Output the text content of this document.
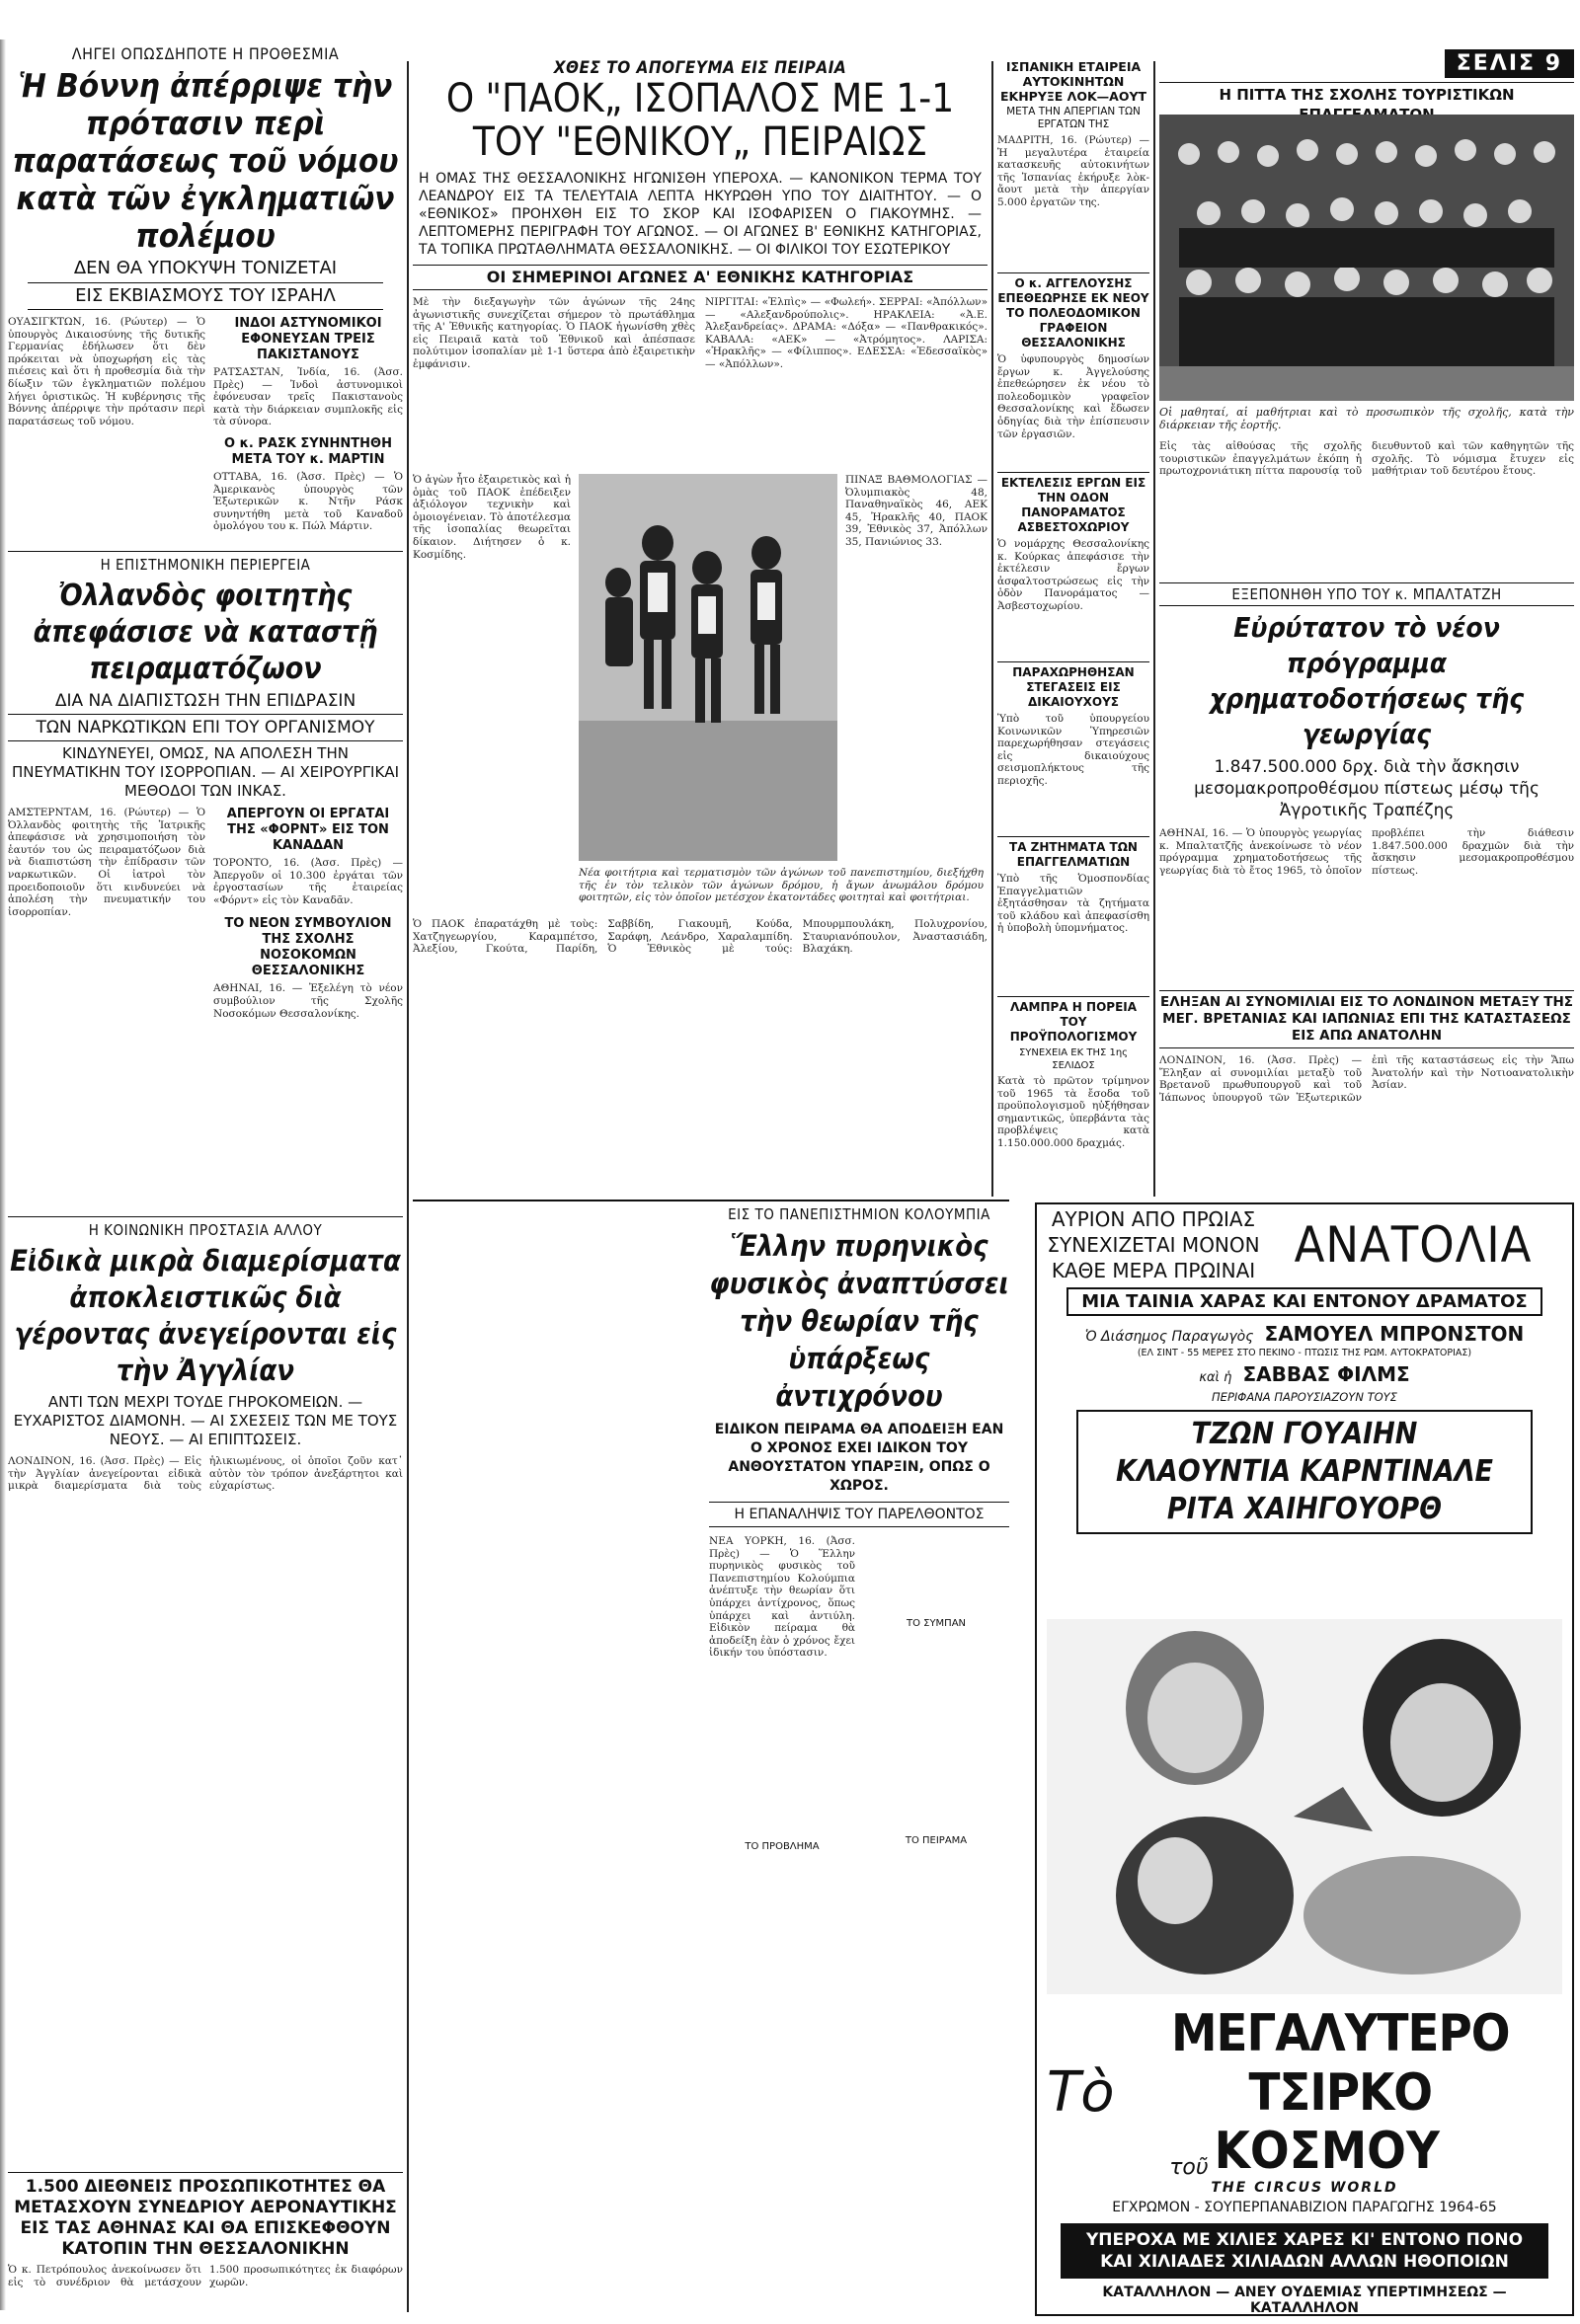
ΛΗΓΕΙ ΟΠΩΣΔΗΠΟΤΕ Η ΠΡΟΘΕΣΜΙΑ
Ἡ Βόννη ἀπέρριψε τὴν πρότασιν περὶ παρατάσεως τοῦ νόμου κατὰ τῶν ἐγκληματιῶν πολέμου
ΔΕΝ ΘΑ ΥΠΟΚΥΨΗ ΤΟΝΙΖΕΤΑΙ
ΕΙΣ ΕΚΒΙΑΣΜΟΥΣ ΤΟΥ ΙΣΡΑΗΛ
ΟΥΑΣΙΓΚΤΩΝ, 16. (Ρώυτερ) — Ὁ ὑπουργὸς Δικαιοσύνης τῆς δυτικῆς Γερμανίας ἐδήλωσεν ὅτι δὲν πρόκειται νὰ ὑποχωρήση εἰς τὰς πιέσεις καὶ ὅτι ἡ προθεσμία διὰ τὴν δίωξιν τῶν ἐγκληματιῶν πολέμου λήγει ὁριστικῶς. Ἡ κυβέρνησις τῆς Βόννης ἀπέρριψε τὴν πρότασιν περὶ παρατάσεως τοῦ νόμου.
ΙΝΔΟΙ ΑΣΤΥΝΟΜΙΚΟΙ ΕΦΟΝΕΥΣΑΝ ΤΡΕΙΣ ΠΑΚΙΣΤΑΝΟΥΣ
ΡΑΤΣΑΣΤΑΝ, Ἰνδία, 16. (Ἀσσ. Πρὲς) — Ἰνδοὶ ἀστυνομικοὶ ἐφόνευσαν τρεῖς Πακιστανοὺς κατὰ τὴν διάρκειαν συμπλοκῆς εἰς τὰ σύνορα.
Ο κ. ΡΑΣΚ ΣΥΝΗΝΤΗΘΗ ΜΕΤΑ ΤΟΥ κ. ΜΑΡΤΙΝ
ΟΤΤΑΒΑ, 16. (Ἀσσ. Πρὲς) — Ὁ Ἀμερικανὸς ὑπουργὸς τῶν Ἐξωτερικῶν κ. Ντῆν Ράσκ συνηντήθη μετὰ τοῦ Καναδοῦ ὁμολόγου του κ. Πώλ Μάρτιν.
Η ΕΠΙΣΤΗΜΟΝΙΚΗ ΠΕΡΙΕΡΓΕΙΑ
Ὀλλανδὸς φοιτητὴς ἀπεφάσισε νὰ καταστῇ πειραματόζωον
ΔΙΑ ΝΑ ΔΙΑΠΙΣΤΩΣΗ ΤΗΝ ΕΠΙΔΡΑΣΙΝ
ΤΩΝ ΝΑΡΚΩΤΙΚΩΝ ΕΠΙ ΤΟΥ ΟΡΓΑΝΙΣΜΟΥ
ΚΙΝΔΥΝΕΥΕΙ, ΟΜΩΣ, ΝΑ ΑΠΟΛΕΣΗ ΤΗΝ ΠΝΕΥΜΑΤΙΚΗΝ ΤΟΥ ΙΣΟΡΡΟΠΙΑΝ. — ΑΙ ΧΕΙΡΟΥΡΓΙΚΑΙ ΜΕΘΟΔΟΙ ΤΩΝ ΙΝΚΑΣ.
ΑΜΣΤΕΡΝΤΑΜ, 16. (Ρώυτερ) — Ὁ Ὀλλανδὸς φοιτητὴς τῆς Ἰατρικῆς ἀπεφάσισε νὰ χρησιμοποιήση τὸν ἑαυτόν του ὡς πειραματόζωον διὰ νὰ διαπιστώση τὴν ἐπίδρασιν τῶν ναρκωτικῶν. Οἱ ἰατροὶ τὸν προειδοποιοῦν ὅτι κινδυνεύει νὰ ἀπολέση τὴν πνευματικήν του ἰσορροπίαν.
ΑΠΕΡΓΟΥΝ ΟΙ ΕΡΓΑΤΑΙ ΤΗΣ «ΦΟΡΝΤ» ΕΙΣ ΤΟΝ ΚΑΝΑΔΑΝ
ΤΟΡΟΝΤΟ, 16. (Ἀσσ. Πρὲς) — Ἀπεργοῦν οἱ 10.300 ἐργάται τῶν ἐργοστασίων τῆς ἑταιρείας «Φόρντ» εἰς τὸν Καναδᾶν.
ΤΟ ΝΕΟΝ ΣΥΜΒΟΥΛΙΟΝ ΤΗΣ ΣΧΟΛΗΣ ΝΟΣΟΚΟΜΩΝ ΘΕΣΣΑΛΟΝΙΚΗΣ
ΑΘΗΝΑΙ, 16. — Ἐξελέγη τὸ νέον συμβούλιον τῆς Σχολῆς Νοσοκόμων Θεσσαλονίκης.
Η ΚΟΙΝΩΝΙΚΗ ΠΡΟΣΤΑΣΙΑ ΑΛΛΟΥ
Εἰδικὰ μικρὰ διαμερίσματα ἀποκλειστικῶς διὰ γέροντας ἀνεγείρονται εἰς τὴν Ἀγγλίαν
ΑΝΤΙ ΤΩΝ ΜΕΧΡΙ ΤΟΥΔΕ ΓΗΡΟΚΟΜΕΙΩΝ. — ΕΥΧΑΡΙΣΤΟΣ ΔΙΑΜΟΝΗ. — ΑΙ ΣΧΕΣΕΙΣ ΤΩΝ ΜΕ ΤΟΥΣ ΝΕΟΥΣ. — ΑΙ ΕΠΙΠΤΩΣΕΙΣ.
ΛΟΝΔΙΝΟΝ, 16. (Ἀσσ. Πρὲς) — Εἰς τὴν Ἀγγλίαν ἀνεγείρονται εἰδικὰ μικρὰ διαμερίσματα διὰ τοὺς ἡλικιωμένους, οἱ ὁποῖοι ζοῦν κατ᾽ αὐτὸν τὸν τρόπον ἀνεξάρτητοι καὶ εὐχαρίστως.
1.500 ΔΙΕΘΝΕΙΣ ΠΡΟΣΩΠΙΚΟΤΗΤΕΣ ΘΑ ΜΕΤΑΣΧΟΥΝ ΣΥΝΕΔΡΙΟΥ ΑΕΡΟΝΑΥΤΙΚΗΣ ΕΙΣ ΤΑΣ ΑΘΗΝΑΣ ΚΑΙ ΘΑ ΕΠΙΣΚΕΦΘΟΥΝ ΚΑΤΟΠΙΝ ΤΗΝ ΘΕΣΣΑΛΟΝΙΚΗΝ
Ὁ κ. Πετρόπουλος ἀνεκοίνωσεν ὅτι εἰς τὸ συνέδριον θὰ μετάσχουν 1.500 προσωπικότητες ἐκ διαφόρων χωρῶν.
ΧΘΕΣ ΤΟ ΑΠΟΓΕΥΜΑ ΕΙΣ ΠΕΙΡΑΙΑ
Ο "ΠΑΟΚ„ ΙΣΟΠΑΛΟΣ ΜΕ 1-1
ΤΟΥ "ΕΘΝΙΚΟΥ„ ΠΕΙΡΑΙΩΣ
Η ΟΜΑΣ ΤΗΣ ΘΕΣΣΑΛΟΝΙΚΗΣ ΗΓΩΝΙΣΘΗ ΥΠΕΡΟΧΑ. — ΚΑΝΟΝΙΚΟΝ ΤΕΡΜΑ ΤΟΥ ΛΕΑΝΔΡΟΥ ΕΙΣ ΤΑ ΤΕΛΕΥΤΑΙΑ ΛΕΠΤΑ ΗΚΥΡΩΘΗ ΥΠΟ ΤΟΥ ΔΙΑΙΤΗΤΟΥ. — Ο «ΕΘΝΙΚΟΣ» ΠΡΟΗΧΘΗ ΕΙΣ ΤΟ ΣΚΟΡ ΚΑΙ ΙΣΟΦΑΡΙΣΕΝ Ο ΓΙΑΚΟΥΜΗΣ. — ΛΕΠΤΟΜΕΡΗΣ ΠΕΡΙΓΡΑΦΗ ΤΟΥ ΑΓΩΝΟΣ. — ΟΙ ΑΓΩΝΕΣ Β' ΕΘΝΙΚΗΣ ΚΑΤΗΓΟΡΙΑΣ, ΤΑ ΤΟΠΙΚΑ ΠΡΩΤΑΘΛΗΜΑΤΑ ΘΕΣΣΑΛΟΝΙΚΗΣ. — ΟΙ ΦΙΛΙΚΟΙ ΤΟΥ ΕΣΩΤΕΡΙΚΟΥ
ΟΙ ΣΗΜΕΡΙΝΟΙ ΑΓΩΝΕΣ Α' ΕΘΝΙΚΗΣ ΚΑΤΗΓΟΡΙΑΣ
Μὲ τὴν διεξαγωγὴν τῶν ἀγώνων τῆς 24ης ἀγωνιστικῆς συνεχίζεται σήμερον τὸ πρωτάθλημα τῆς Α' Ἐθνικῆς κατηγορίας. Ὁ ΠΑΟΚ ἠγωνίσθη χθὲς εἰς Πειραιᾶ κατὰ τοῦ Ἐθνικοῦ καὶ ἀπέσπασε πολύτιμον ἰσοπαλίαν μὲ 1-1 ὕστερα ἀπὸ ἐξαιρετικὴν ἐμφάνισιν.
ΝΙΡΓΙΤΑΙ: «Ἐλπὶς» — «Φωλεή». ΣΕΡΡΑΙ: «Ἀπόλλων» — «Αλεξανδρούπολις». ΗΡΑΚΛΕΙΑ: «Ἀ.Ε. Ἀλεξανδρείας». ΔΡΑΜΑ: «Δόξα» — «Πανθρακικός». ΚΑΒΑΛΑ: «ΑΕΚ» — «Ἀτρόμητος». ΛΑΡΙΣΑ: «Ἠρακλῆς» — «Φίλιππος». ΕΔΕΣΣΑ: «Ἐδεσσαϊκὸς» — «Ἀπόλλων».
Ὁ ἀγὼν ἦτο ἐξαιρετικὸς καὶ ἡ ὁμὰς τοῦ ΠΑΟΚ ἐπέδειξεν ἀξιόλογον τεχνικὴν καὶ ὁμοιογένειαν. Τὸ ἀποτέλεσμα τῆς ἰσοπαλίας θεωρεῖται δίκαιον. Διήτησεν ὁ κ. Κοσμίδης.
ΠΙΝΑΞ ΒΑΘΜΟΛΟΓΙΑΣ — Ὀλυμπιακὸς 48, Παναθηναϊκὸς 46, ΑΕΚ 45, Ἠρακλῆς 40, ΠΑΟΚ 39, Ἐθνικὸς 37, Ἀπόλλων 35, Πανιώνιος 33.
Νέα φοιτήτρια καὶ τερματισμὸν τῶν ἀγώνων τοῦ πανεπιστημίου, διεξήχθη τῆς ἐν τὸν τελικὸν τῶν ἀγώνων δρόμου, ἡ ἄγων ἀνωμάλου δρόμου φοιτητῶν, εἰς τὸν ὁποῖον μετέσχον ἑκατοντάδες φοιτηταὶ καὶ φοιτήτριαι.
Ὁ ΠΑΟΚ ἐπαρατάχθη μὲ τοὺς: Χατζηγεωργίου, Καραμπέτσο, Ἀλεξίου, Γκούτα, Παρίδη, Σαββίδη, Γιακουμῆ, Κούδα, Σαράφη, Λεάνδρο, Χαραλαμπίδη. Ὁ Ἐθνικὸς μὲ τούς: Μπουρμπουλάκη, Πολυχρονίου, Σταυριανόπουλον, Ἀναστασιάδη, Βλαχάκη.
ΙΣΠΑΝΙΚΗ ΕΤΑΙΡΕΙΑ ΑΥΤΟΚΙΝΗΤΩΝ ΕΚΗΡΥΞΕ ΛΟΚ—ΑΟΥΤ
ΜΕΤΑ ΤΗΝ ΑΠΕΡΓΙΑΝ ΤΩΝ ΕΡΓΑΤΩΝ ΤΗΣ
ΜΑΔΡΙΤΗ, 16. (Ρώυτερ) — Ἡ μεγαλυτέρα ἑταιρεία κατασκευῆς αὐτοκινήτων τῆς Ἱσπανίας ἐκήρυξε λὸκ-ἄουτ μετὰ τὴν ἀπεργίαν 5.000 ἐργατῶν της.
Ο κ. ΑΓΓΕΛΟΥΣΗΣ ΕΠΕΘΕΩΡΗΣΕ ΕΚ ΝΕΟΥ ΤΟ ΠΟΛΕΟΔΟΜΙΚΟΝ ΓΡΑΦΕΙΟΝ ΘΕΣΣΑΛΟΝΙΚΗΣ
Ὁ ὑφυπουργὸς δημοσίων ἔργων κ. Ἀγγελούσης ἐπεθεώρησεν ἐκ νέου τὸ πολεοδομικὸν γραφεῖον Θεσσαλονίκης καὶ ἔδωσεν ὁδηγίας διὰ τὴν ἐπίσπευσιν τῶν ἐργασιῶν.
ΕΚΤΕΛΕΣΙΣ ΕΡΓΩΝ ΕΙΣ ΤΗΝ ΟΔΟΝ ΠΑΝΟΡΑΜΑΤΟΣ ΑΣΒΕΣΤΟΧΩΡΙΟΥ
Ὁ νομάρχης Θεσσαλονίκης κ. Κούρκας ἀπεφάσισε τὴν ἐκτέλεσιν ἔργων ἀσφαλτοστρώσεως εἰς τὴν ὁδὸν Πανοράματος — Ἀσβεστοχωρίου.
ΠΑΡΑΧΩΡΗΘΗΣΑΝ ΣΤΕΓΑΣΕΙΣ ΕΙΣ ΔΙΚΑΙΟΥΧΟΥΣ
Ὑπὸ τοῦ ὑπουργείου Κοινωνικῶν Ὑπηρεσιῶν παρεχωρήθησαν στεγάσεις εἰς δικαιούχους σεισμοπλήκτους τῆς περιοχῆς.
ΤΑ ΖΗΤΗΜΑΤΑ ΤΩΝ ΕΠΑΓΓΕΛΜΑΤΙΩΝ
Ὑπὸ τῆς Ὁμοσπονδίας Ἐπαγγελματιῶν ἐξητάσθησαν τὰ ζητήματα τοῦ κλάδου καὶ ἀπεφασίσθη ἡ ὑποβολὴ ὑπομνήματος.
ΛΑΜΠΡΑ Η ΠΟΡΕΙΑ ΤΟΥ ΠΡΟΫΠΟΛΟΓΙΣΜΟΥ
ΣΥΝΕΧΕΙΑ ΕΚ ΤΗΣ 1ης ΣΕΛΙΔΟΣ
Κατὰ τὸ πρῶτον τρίμηνον τοῦ 1965 τὰ ἔσοδα τοῦ προϋπολογισμοῦ ηὐξήθησαν σημαντικῶς, ὑπερβάντα τὰς προβλέψεις κατὰ 1.150.000.000 δραχμάς.
ΕΙΣ ΤΟ ΠΑΝΕΠΙΣΤΗΜΙΟΝ ΚΟΛΟΥΜΠΙΑ
Ἕλλην πυρηνικὸς φυσικὸς ἀναπτύσσει τὴν θεωρίαν τῆς ὑπάρξεως ἀντιχρόνου
ΕΙΔΙΚΟΝ ΠΕΙΡΑΜΑ ΘΑ ΑΠΟΔΕΙΞΗ ΕΑΝ Ο ΧΡΟΝΟΣ ΕΧΕΙ ΙΔΙΚΟΝ ΤΟΥ ΑΝΘΟΥΣΤΑΤΟΝ ΥΠΑΡΞΙΝ, ΟΠΩΣ Ο ΧΩΡΟΣ.
Η ΕΠΑΝΑΛΗΨΙΣ ΤΟΥ ΠΑΡΕΛΘΟΝΤΟΣ
ΝΕΑ ΥΟΡΚΗ, 16. (Ἀσσ. Πρὲς) — Ὁ Ἕλλην πυρηνικὸς φυσικὸς τοῦ Πανεπιστημίου Κολούμπια ἀνέπτυξε τὴν θεωρίαν ὅτι ὑπάρχει ἀντίχρονος, ὅπως ὑπάρχει καὶ ἀντιύλη. Εἰδικὸν πείραμα θὰ ἀποδείξη ἐὰν ὁ χρόνος ἔχει ἰδικήν του ὑπόστασιν.
ΤΟ ΠΡΟΒΛΗΜΑ
ΤΟ ΣΥΜΠΑΝ
ΤΟ ΠΕΙΡΑΜΑ
ΣΕΛΙΣ 9
Η ΠΙΤΤΑ ΤΗΣ ΣΧΟΛΗΣ ΤΟΥΡΙΣΤΙΚΩΝ
Οἱ μαθηταί, αἱ μαθήτριαι καὶ τὸ προσωπικὸν τῆς σχολῆς, κατὰ τὴν διάρκειαν τῆς ἑορτῆς.
Εἰς τὰς αἰθούσας τῆς σχολῆς τουριστικῶν ἐπαγγελμάτων ἐκόπη ἡ πρωτοχρονιάτικη πίττα παρουσίᾳ τοῦ διευθυντοῦ καὶ τῶν καθηγητῶν τῆς σχολῆς. Τὸ νόμισμα ἔτυχεν εἰς μαθήτριαν τοῦ δευτέρου ἔτους.
ΕΞΕΠΟΝΗΘΗ ΥΠΟ ΤΟΥ κ. ΜΠΑΛΤΑΤΖΗ
Εὐρύτατον τὸ νέον πρόγραμμα χρηματοδοτήσεως τῆς γεωργίας
1.847.500.000 δρχ. διὰ τὴν ἄσκησιν μεσομακροπροθέσμου πίστεως μέσῳ τῆς Ἀγροτικῆς Τραπέζης
ΑΘΗΝΑΙ, 16. — Ὁ ὑπουργὸς γεωργίας κ. Μπαλτατζῆς ἀνεκοίνωσε τὸ νέον πρόγραμμα χρηματοδοτήσεως τῆς γεωργίας διὰ τὸ ἔτος 1965, τὸ ὁποῖον προβλέπει τὴν διάθεσιν 1.847.500.000 δραχμῶν διὰ τὴν ἄσκησιν μεσομακροπροθέσμου πίστεως.
ΕΛΗΞΑΝ ΑΙ ΣΥΝΟΜΙΛΙΑΙ ΕΙΣ ΤΟ ΛΟΝΔΙΝΟΝ ΜΕΤΑΞΥ ΤΗΣ ΜΕΓ. ΒΡΕΤΑΝΙΑΣ ΚΑΙ ΙΑΠΩΝΙΑΣ ΕΠΙ ΤΗΣ ΚΑΤΑΣΤΑΣΕΩΣ ΕΙΣ ΑΠΩ ΑΝΑΤΟΛΗΝ
ΛΟΝΔΙΝΟΝ, 16. (Ἀσσ. Πρὲς) — Ἔληξαν αἱ συνομιλίαι μεταξὺ τοῦ Βρετανοῦ πρωθυπουργοῦ καὶ τοῦ Ἰάπωνος ὑπουργοῦ τῶν Ἐξωτερικῶν ἐπὶ τῆς καταστάσεως εἰς τὴν Ἄπω Ἀνατολήν καὶ τὴν Νοτιοανατολικὴν Ἀσίαν.
ΑΥΡΙΟΝ ΑΠΟ ΠΡΩΙΑΣ
ΣΥΝΕΧΙΖΕΤΑΙ ΜΟΝΟΝ
ΚΑΘΕ ΜΕΡΑ ΠΡΩΙΝΑΙ ΑΝΑΤΟΛΙΑ
ΜΙΑ ΤΑΙΝΙΑ ΧΑΡΑΣ ΚΑΙ ΕΝΤΟΝΟΥ ΔΡΑΜΑΤΟΣ
Ὁ Διάσημος Παραγωγὸς ΣΑΜΟΥΕΛ ΜΠΡΟΝΣΤΟΝ
(ΕΛ ΣΙΝΤ - 55 ΜΕΡΕΣ ΣΤΟ ΠΕΚΙΝΟ - ΠΤΩΣΙΣ ΤΗΣ ΡΩΜ. ΑΥΤΟΚΡΑΤΟΡΙΑΣ)
καὶ ἡ ΣΑΒΒΑΣ ΦΙΛΜΣ
ΠΕΡΙΦΑΝΑ ΠΑΡΟΥΣΙΑΖΟΥΝ ΤΟΥΣ
ΤΖΩΝ ΓΟΥΑΙΗΝ
ΚΛΑΟΥΝΤΙΑ ΚΑΡΝΤΙΝΑΛΕ
ΡΙΤΑ ΧΑΙΗΓΟΥΟΡΘ
Τὸ
ΜΕΓΑΛΥΤΕΡΟ ΤΣΙΡΚΟ
τοῦ ΚΟΣΜΟΥ
THE CIRCUS WORLD
ΕΓΧΡΩΜΟΝ - ΣΟΥΠΕΡΠΑΝΑΒΙΖΙΟΝ ΠΑΡΑΓΩΓΗΣ 1964-65
ΥΠΕΡΟΧΑ ΜΕ ΧΙΛΙΕΣ ΧΑΡΕΣ ΚΙ' ΕΝΤΟΝΟ ΠΟΝΟ
ΚΑΙ ΧΙΛΙΑΔΕΣ ΧΙΛΙΑΔΩΝ ΑΛΛΩΝ ΗΘΟΠΟΙΩΝ
ΚΑΤΑΛΛΗΛΟΝ — ΑΝΕΥ ΟΥΔΕΜΙΑΣ ΥΠΕΡΤΙΜΗΣΕΩΣ — ΚΑΤΑΛΛΗΛΟΝ
